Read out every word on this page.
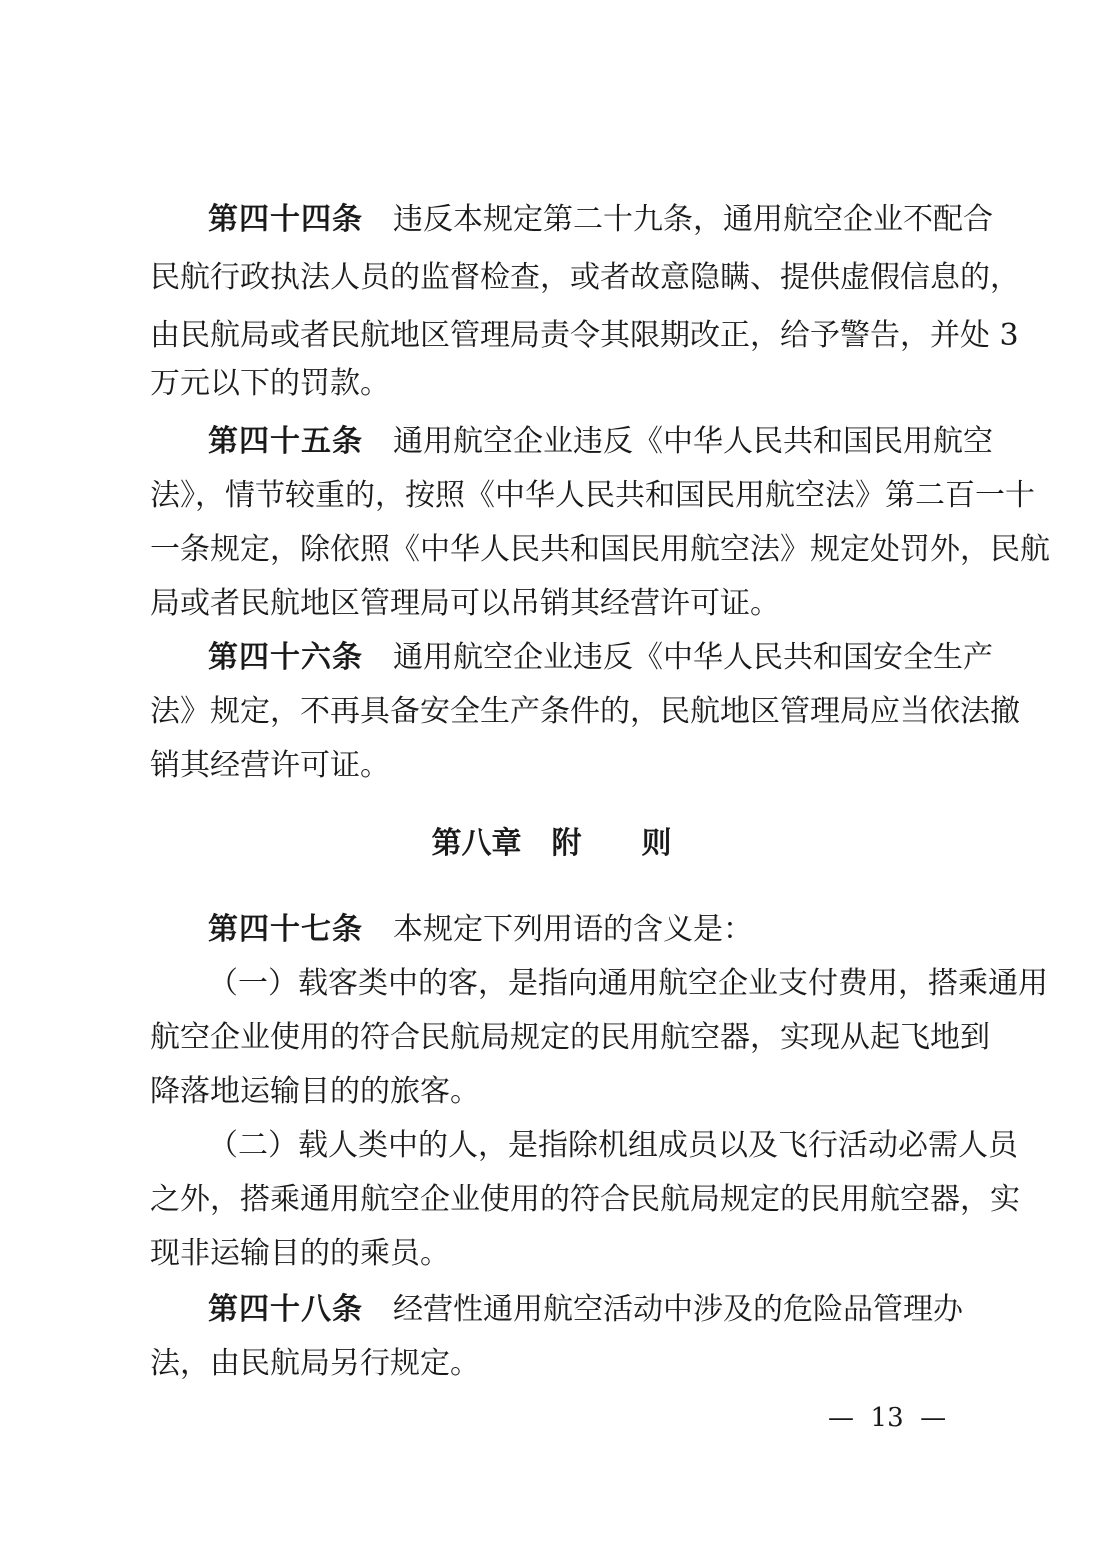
第四十四条 违反本规定第二十九条，通用航空企业不配合
民航行政执法人员的监督检查，或者故意隐瞒、提供虚假信息的，
由民航局或者民航地区管理局责令其限期改正，给予警告，并处 3
万元以下的罚款。
第四十五条 通用航空企业违反《中华人民共和国民用航空
法》，情节较重的，按照《中华人民共和国民用航空法》第二百一十
一条规定，除依照《中华人民共和国民用航空法》规定处罚外，民航
局或者民航地区管理局可以吊销其经营许可证。
第四十六条 通用航空企业违反《中华人民共和国安全生产
法》规定，不再具备安全生产条件的，民航地区管理局应当依法撤
销其经营许可证。
第八章　附　　则
第四十七条 本规定下列用语的含义是：
（一）载客类中的客，是指向通用航空企业支付费用，搭乘通用
航空企业使用的符合民航局规定的民用航空器，实现从起飞地到
降落地运输目的的旅客。
（二）载人类中的人，是指除机组成员以及飞行活动必需人员
之外，搭乘通用航空企业使用的符合民航局规定的民用航空器，实
现非运输目的的乘员。
第四十八条 经营性通用航空活动中涉及的危险品管理办
法，由民航局另行规定。
—  13  —
